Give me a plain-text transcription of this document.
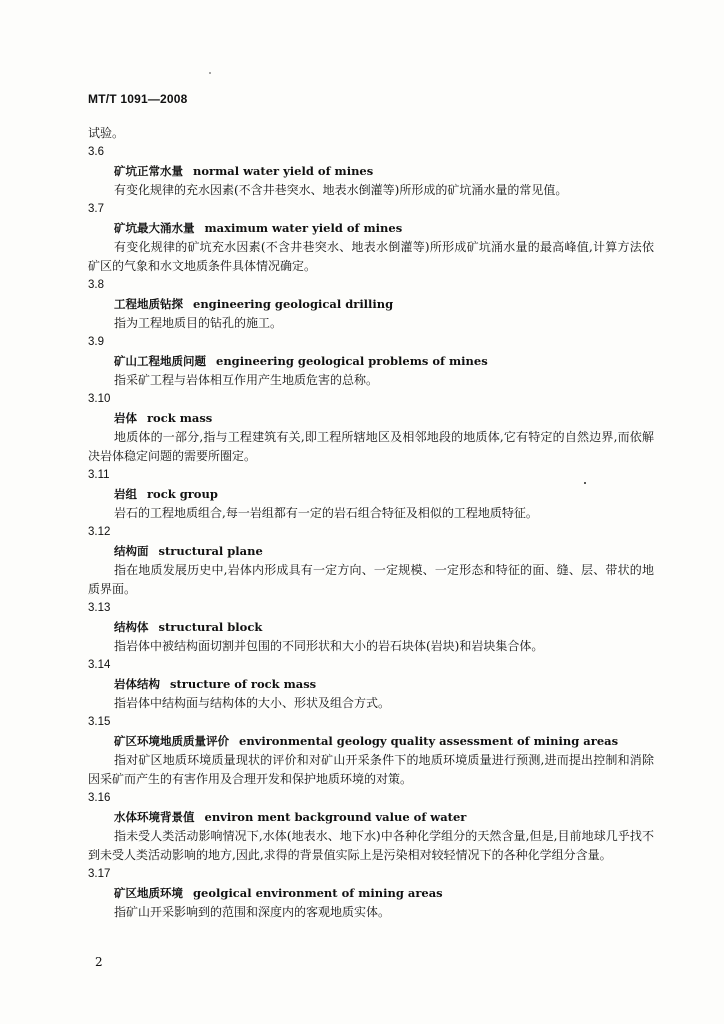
MT/T 1091—2008

试验。

3.6

矿坑正常水量 normal water yield of mines

有变化规律的充水因素(不含井巷突水、地表水倒灌等)所形成的矿坑涌水量的常见值。

3.7

矿坑最大涌水量 maximum water yield of mines

有变化规律的矿坑充水因素(不含井巷突水、地表水倒灌等)所形成矿坑涌水量的最高峰值,计算方法依矿区的气象和水文地质条件具体情况确定。

3.8

工程地质钻探 engineering geological drilling

指为工程地质目的钻孔的施工。

3.9

矿山工程地质问题 engineering geological problems of mines

指采矿工程与岩体相互作用产生地质危害的总称。

3.10

岩体 rock mass

地质体的一部分,指与工程建筑有关,即工程所辖地区及相邻地段的地质体,它有特定的自然边界,而依解决岩体稳定问题的需要所圈定。

3.11

岩组 rock group

岩石的工程地质组合,每一岩组都有一定的岩石组合特征及相似的工程地质特征。

3.12

结构面 structural plane

指在地质发展历史中,岩体内形成具有一定方向、一定规模、一定形态和特征的面、缝、层、带状的地质界面。

3.13

结构体 structural block

指岩体中被结构面切割并包围的不同形状和大小的岩石块体(岩块)和岩块集合体。

3.14

岩体结构 structure of rock mass

指岩体中结构面与结构体的大小、形状及组合方式。

3.15

矿区环境地质质量评价 environmental geology quality assessment of mining areas

指对矿区地质环境质量现状的评价和对矿山开采条件下的地质环境质量进行预测,进而提出控制和消除因采矿而产生的有害作用及合理开发和保护地质环境的对策。

3.16

水体环境背景值 environ ment background value of water

指未受人类活动影响情况下,水体(地表水、地下水)中各种化学组分的天然含量,但是,目前地球几乎找不到未受人类活动影响的地方,因此,求得的背景值实际上是污染相对较轻情况下的各种化学组分含量。

3.17

矿区地质环境 geolgical environment of mining areas

指矿山开采影响到的范围和深度内的客观地质实体。

2
